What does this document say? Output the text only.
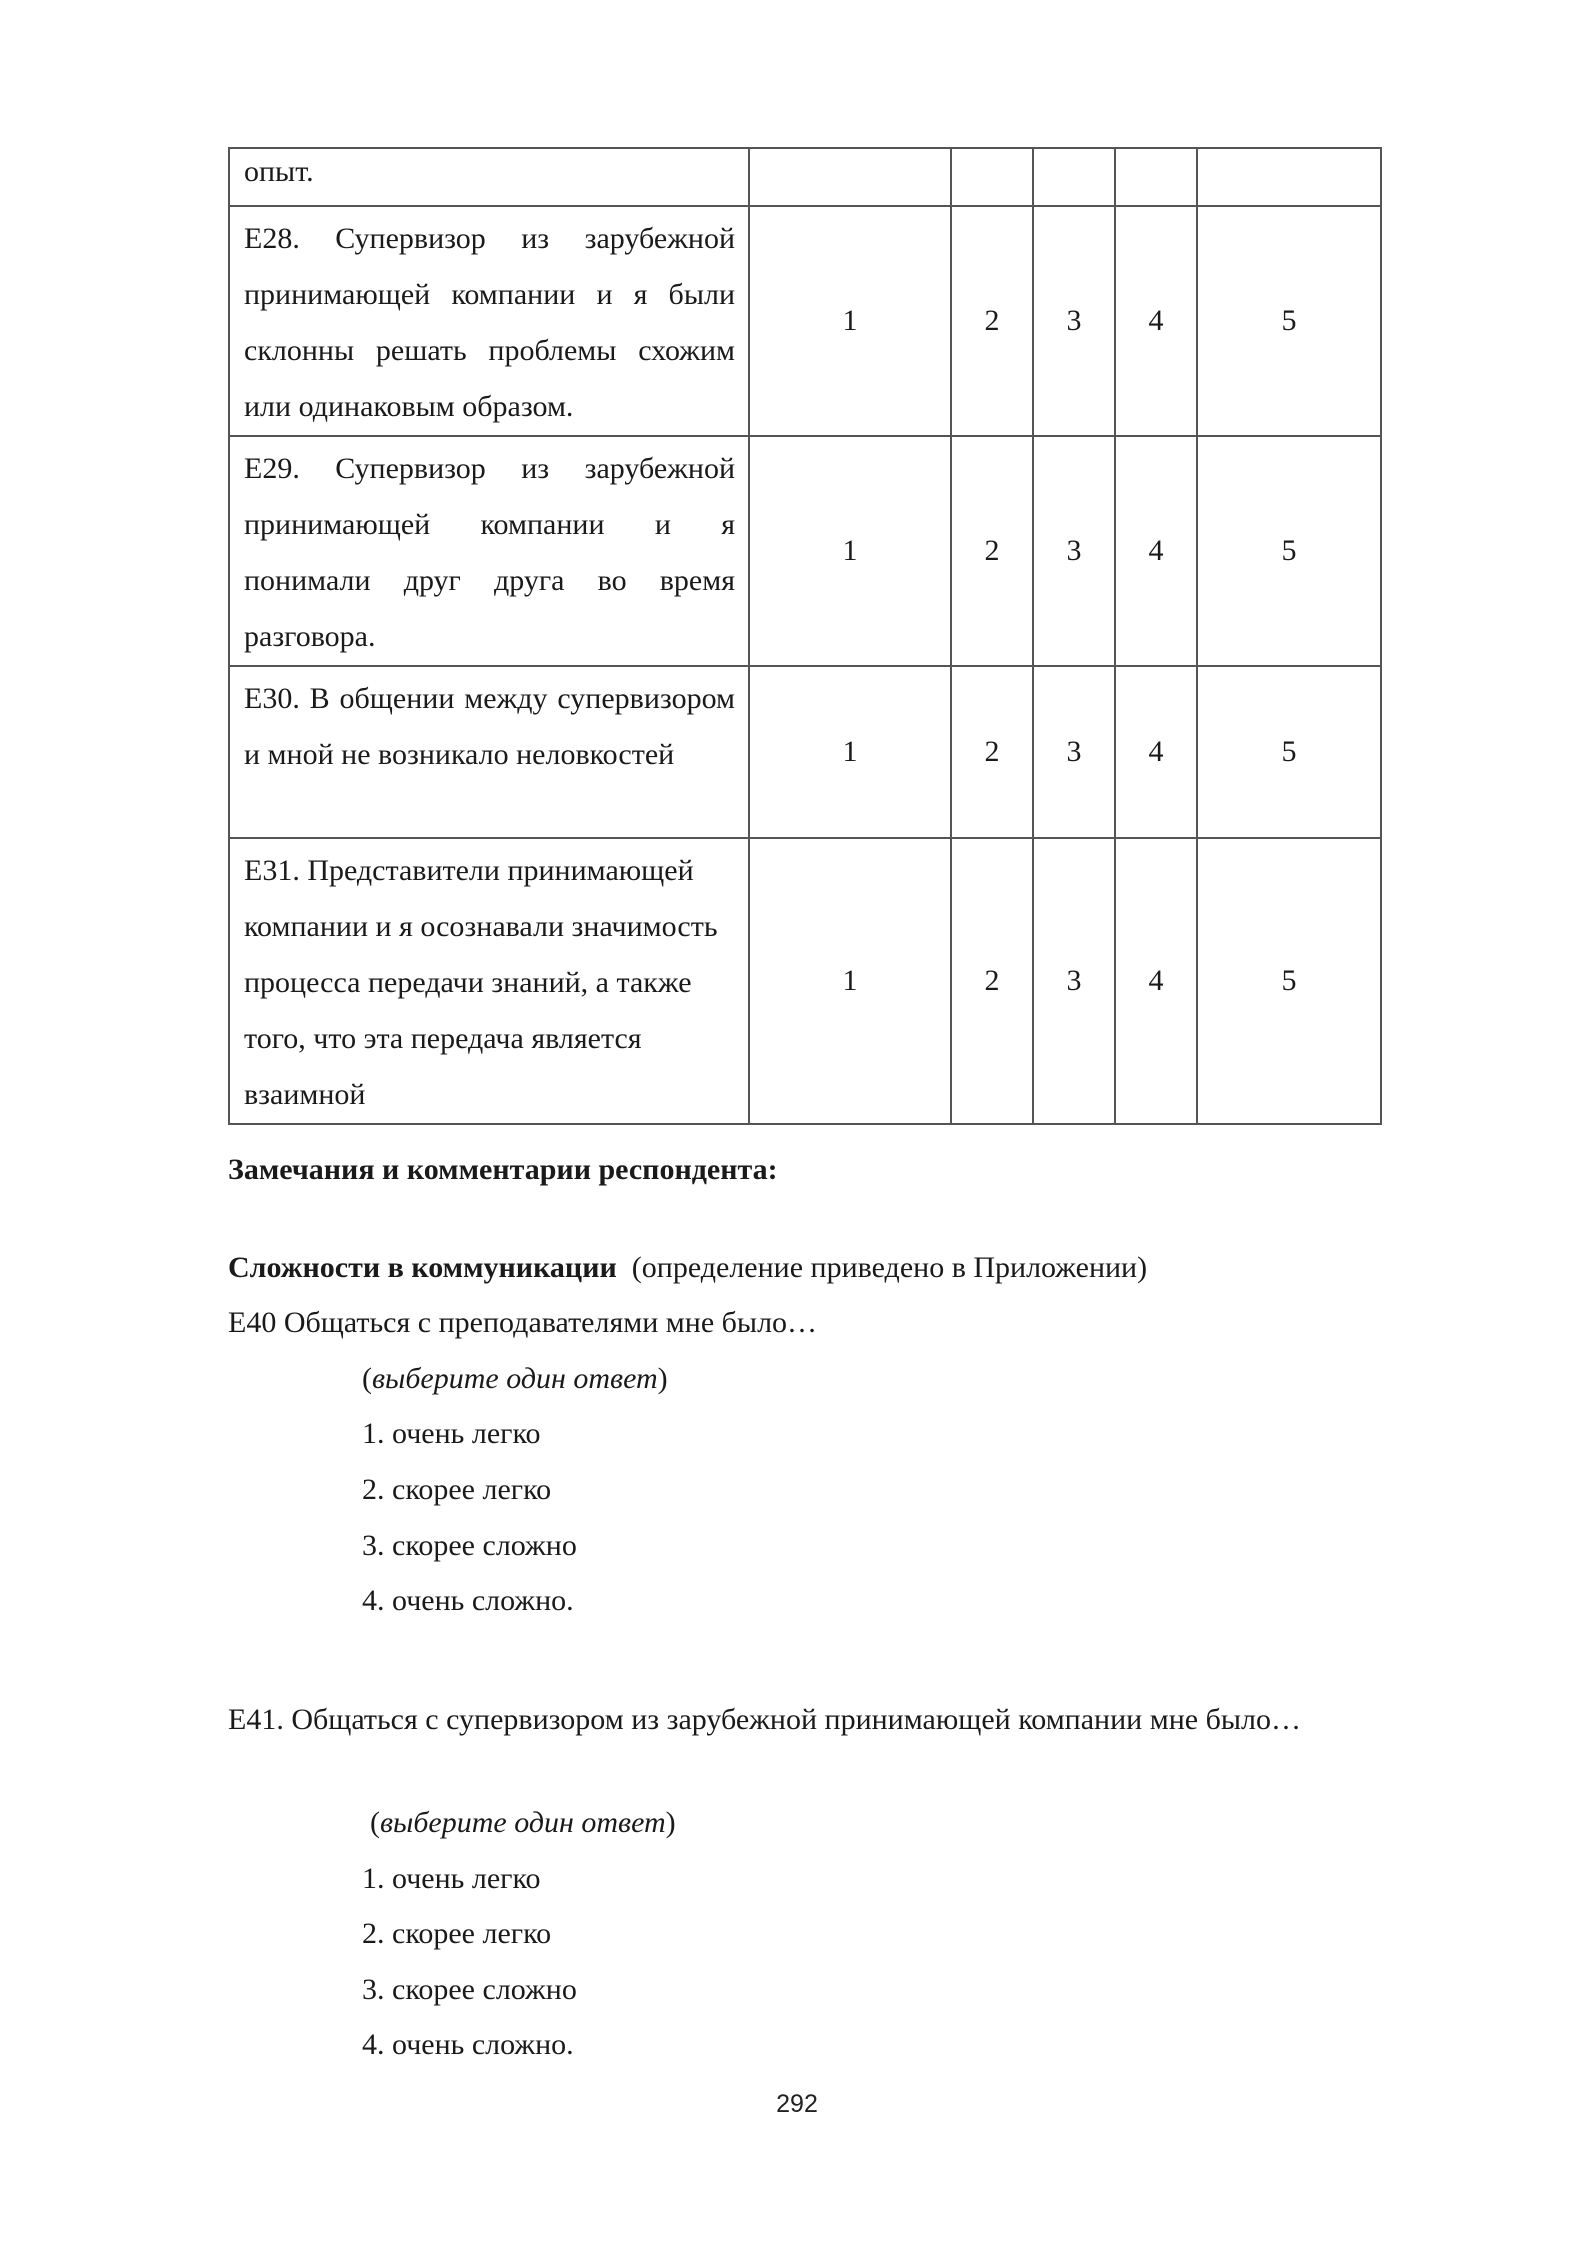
опыт.					
Е28. Супервизор из зарубежной принимающей компании и я были склонны решать проблемы схожим или одинаковым образом.	1	2	3	4	5
Е29. Супервизор из зарубежной принимающей компании и я понимали друг друга во время разговора.	1	2	3	4	5
Е30. В общении между супервизором и мной не возникало неловкостей	1	2	3	4	5
Е31. Представители принимающей компании и я осознавали значимость процесса передачи знаний, а также того, что эта передача является взаимной	1	2	3	4	5
Замечания и комментарии респондента:
Сложности в коммуникации (определение приведено в Приложении)
Е40 Общаться с преподавателями мне было…
(выберите один ответ)
1. очень легко
2. скорее легко
3. скорее сложно
4. очень сложно.
Е41. Общаться с супервизором из зарубежной принимающей компании мне было…
(выберите один ответ)
1. очень легко
2. скорее легко
3. скорее сложно
4. очень сложно.
292
